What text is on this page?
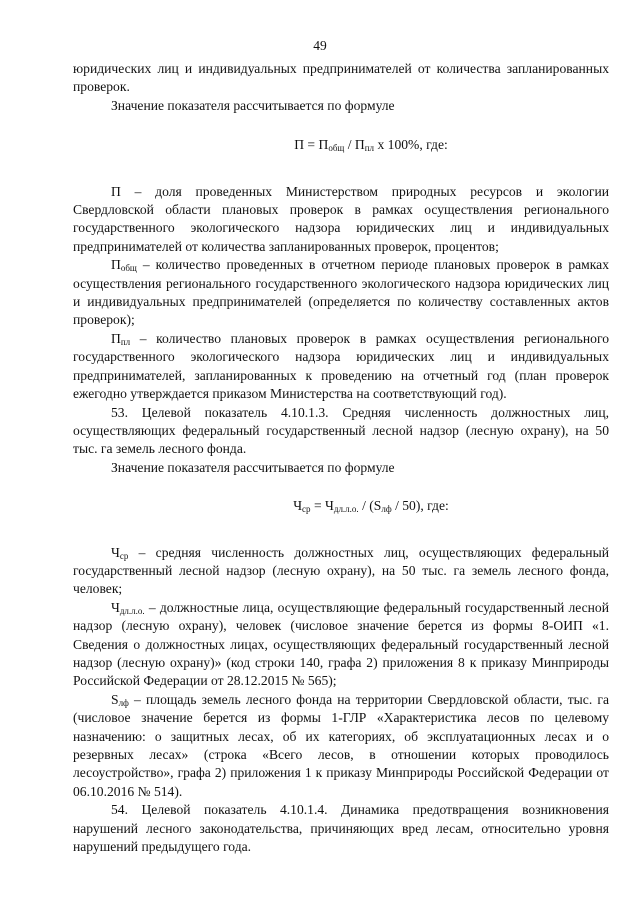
49

юридических лиц и индивидуальных предпринимателей от количества запланированных проверок.

Значение показателя рассчитывается по формуле

$П = П_{общ} / П_{пл}$ х 100%, где:

П – доля проведенных Министерством природных ресурсов и экологии Свердловской области плановых проверок в рамках осуществления регионального государственного экологического надзора юридических лиц и индивидуальных предпринимателей от количества запланированных проверок, процентов;

$П_{общ}$ – количество проведенных в отчетном периоде плановых проверок в рамках осуществления регионального государственного экологического надзора юридических лиц и индивидуальных предпринимателей (определяется по количеству составленных актов проверок);

$П_{пл}$ – количество плановых проверок в рамках осуществления регионального государственного экологического надзора юридических лиц и индивидуальных предпринимателей, запланированных к проведению на отчетный год (план проверок ежегодно утверждается приказом Министерства на соответствующий год).

53. Целевой показатель 4.10.1.3. Средняя численность должностных лиц, осуществляющих федеральный государственный лесной надзор (лесную охрану), на 50 тыс. га земель лесного фонда.

Значение показателя рассчитывается по формуле

$Ч_{ср} = Ч_{дл.л.о.} / (S_{лф} / 50)$, где:

$Ч_{ср}$ – средняя численность должностных лиц, осуществляющих федеральный государственный лесной надзор (лесную охрану), на 50 тыс. га земель лесного фонда, человек;

$Ч_{дл.л.о.}$ – должностные лица, осуществляющие федеральный государственный лесной надзор (лесную охрану), человек (числовое значение берется из формы 8-ОИП «1. Сведения о должностных лицах, осуществляющих федеральный государственный лесной надзор (лесную охрану)» (код строки 140, графа 2) приложения 8 к приказу Минприроды Российской Федерации от 28.12.2015 № 565);

$S_{лф}$ – площадь земель лесного фонда на территории Свердловской области, тыс. га (числовое значение берется из формы 1-ГЛР «Характеристика лесов по целевому назначению: о защитных лесах, об их категориях, об эксплуатационных лесах и о резервных лесах» (строка «Всего лесов, в отношении которых проводилось лесоустройство», графа 2) приложения 1 к приказу Минприроды Российской Федерации от 06.10.2016 № 514).

54. Целевой показатель 4.10.1.4. Динамика предотвращения возникновения нарушений лесного законодательства, причиняющих вред лесам, относительно уровня нарушений предыдущего года.
